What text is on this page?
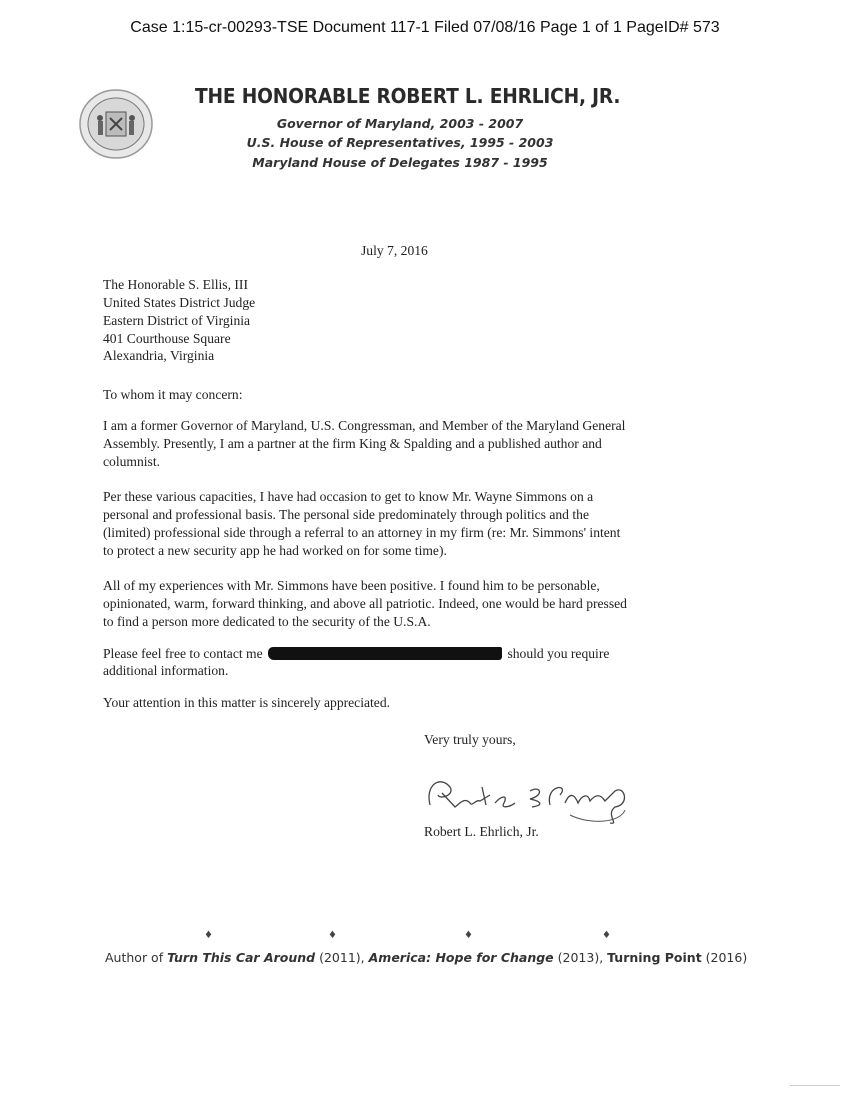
Case 1:15-cr-00293-TSE Document 117-1 Filed 07/08/16 Page 1 of 1 PageID# 573
THE HONORABLE ROBERT L. EHRLICH, JR.
Governor of Maryland, 2003 - 2007
U.S. House of Representatives, 1995 - 2003
Maryland House of Delegates 1987 - 1995
July 7, 2016
The Honorable S. Ellis, III
United States District Judge
Eastern District of Virginia
401 Courthouse Square
Alexandria, Virginia
To whom it may concern:
I am a former Governor of Maryland, U.S. Congressman, and Member of the Maryland General
Assembly. Presently, I am a partner at the firm King & Spalding and a published author and
columnist.
Per these various capacities, I have had occasion to get to know Mr. Wayne Simmons on a
personal and professional basis. The personal side predominately through politics and the
(limited) professional side through a referral to an attorney in my firm (re: Mr. Simmons' intent
to protect a new security app he had worked on for some time).
All of my experiences with Mr. Simmons have been positive. I found him to be personable,
opinionated, warm, forward thinking, and above all patriotic. Indeed, one would be hard pressed
to find a person more dedicated to the security of the U.S.A.
Please feel free to contact me	should you require
additional information.
Your attention in this matter is sincerely appreciated.
Very truly yours,
Robert L. Ehrlich, Jr.
♦	♦	♦	♦
Author of Turn This Car Around (2011), America: Hope for Change (2013), Turning Point (2016)
